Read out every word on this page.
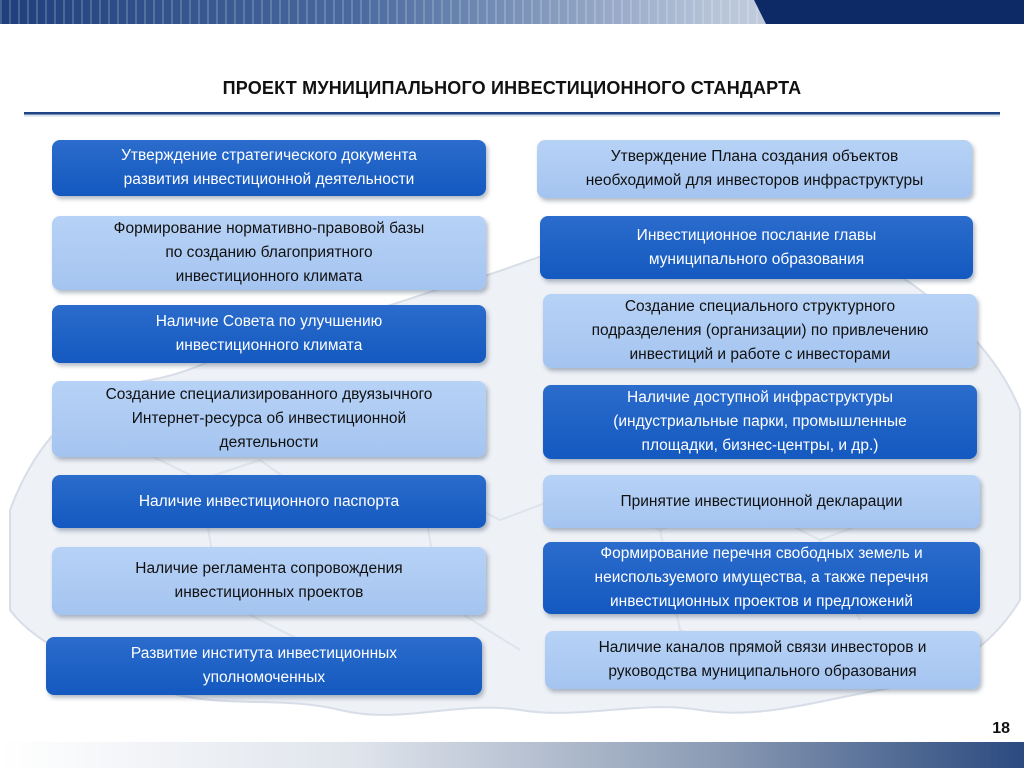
ПРОЕКТ МУНИЦИПАЛЬНОГО ИНВЕСТИЦИОННОГО СТАНДАРТА
Утверждение стратегического документа
развития инвестиционной деятельности
Формирование нормативно-правовой базы
по созданию благоприятного
инвестиционного климата
Наличие Совета по улучшению
инвестиционного климата
Создание специализированного двуязычного
Интернет-ресурса об инвестиционной
деятельности
Наличие инвестиционного паспорта
Наличие регламента сопровождения
инвестиционных проектов
Развитие института инвестиционных
уполномоченных
Утверждение Плана создания объектов
необходимой для инвесторов инфраструктуры
Инвестиционное послание главы
муниципального образования
Создание специального структурного
подразделения (организации) по привлечению
инвестиций и работе с инвесторами
Наличие доступной инфраструктуры
(индустриальные парки, промышленные
площадки, бизнес-центры, и др.)
Принятие инвестиционной декларации
Формирование перечня свободных земель и
неиспользуемого имущества, а также перечня
инвестиционных проектов и предложений
Наличие каналов прямой связи инвесторов и
руководства муниципального образования
18
